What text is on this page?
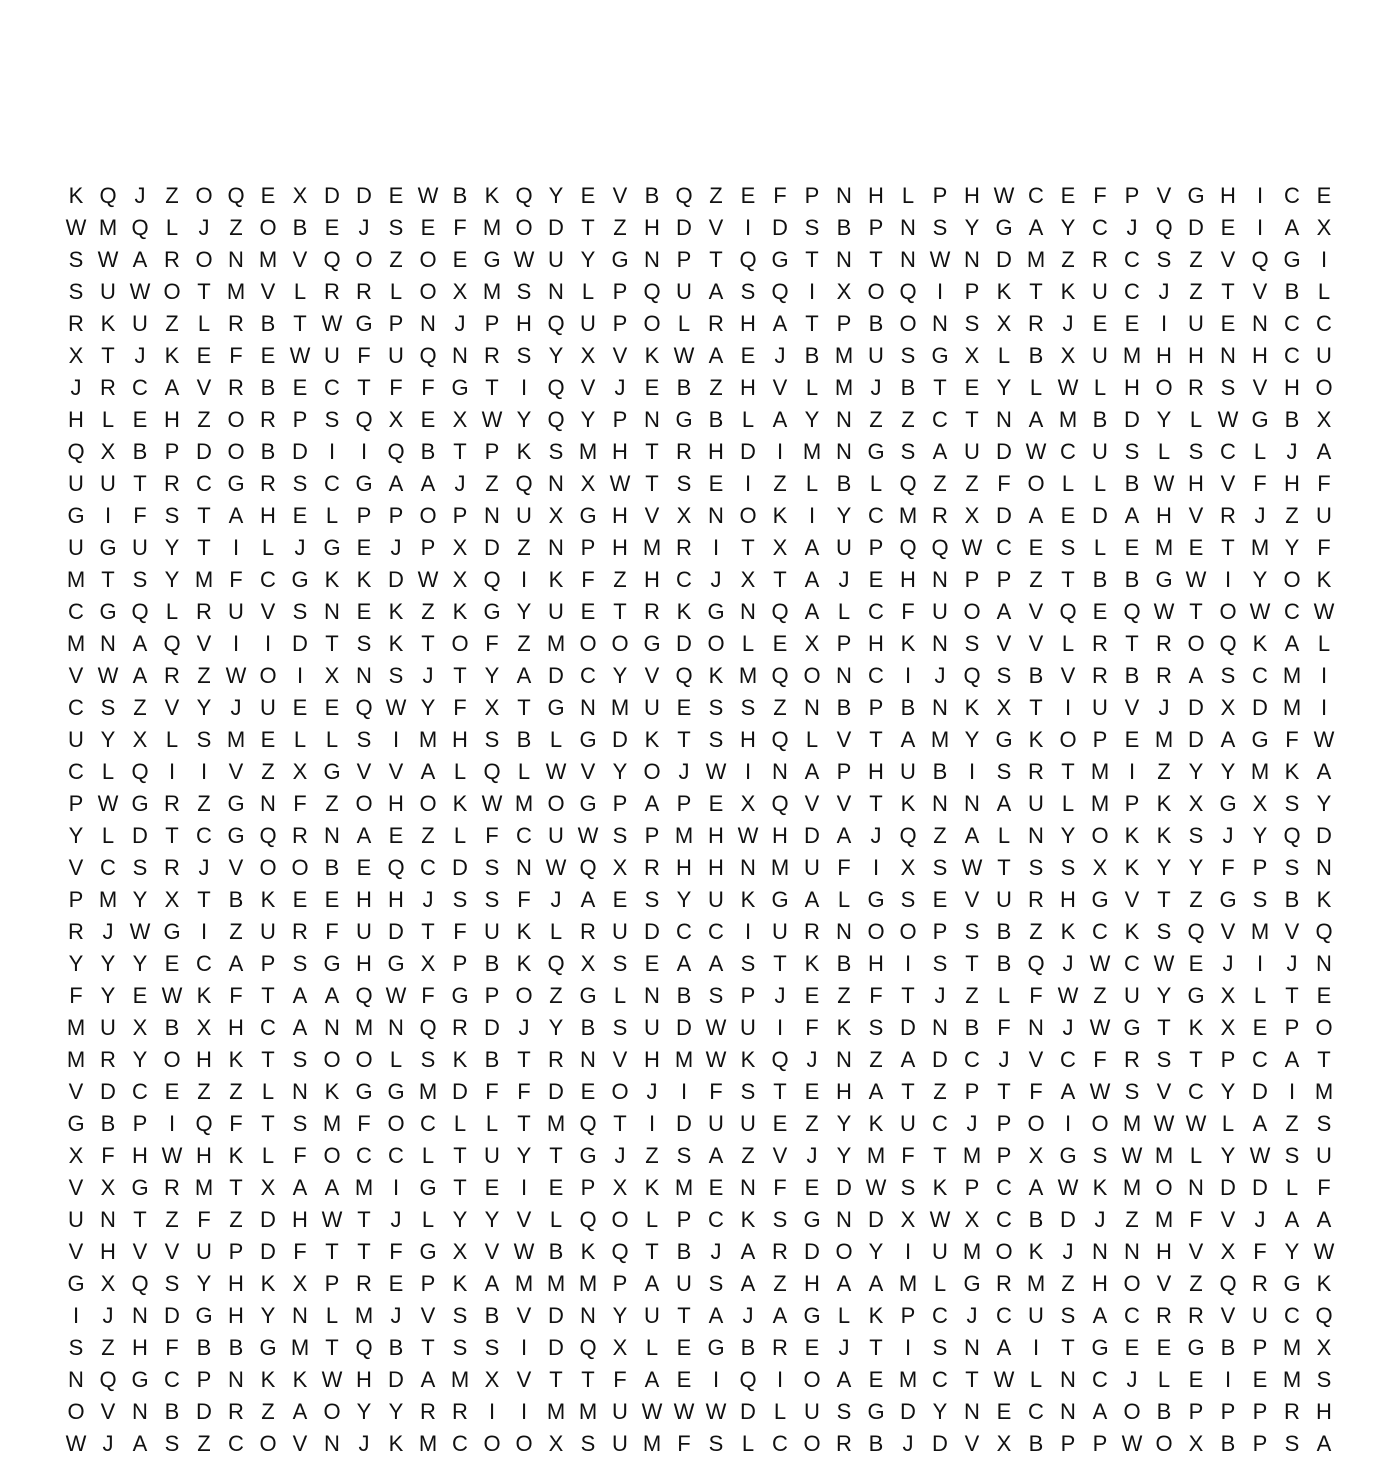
K Q J Z O Q E X D D E W B K Q Y E V B Q Z E F P N H L P H W C E F P V G H I C E
W M Q L J Z O B E J S E F M O D T Z H D V I D S B P N S Y G A Y C J Q D E I A X
S W A R O N M V Q O Z O E G W U Y G N P T Q G T N T N W N D M Z R C S Z V Q G I
S U W O T M V L R R L O X M S N L P Q U A S Q I X O Q I P K T K U C J Z T V B L
R K U Z L R B T W G P N J P H Q U P O L R H A T P B O N S X R J E E I U E N C C
X T J K E F E W U F U Q N R S Y X V K W A E J B M U S G X L B X U M H H N H C U
J R C A V R B E C T F F G T	I Q V J E B Z H V L M J B T E Y L W L H O R S V H O
H L E H Z O R P S Q X E X W Y Q Y P N G B L A Y N Z Z C T N A M B D Y L W G B X
Q X B P D O B D I	I Q B T P K S M H T R H D I M N G S A U D W C U S L S C L J A
U U T R C G R S C G A A J Z Q N X W T S E I	Z L B L Q Z Z F O L L B W H V F H F
G I	F S T A H E L P P O P N U X G H V X N O K I Y C M R X D A E D A H V R J Z U
U G U Y T	I	L J G E J P X D Z N P H M R I	T X A U P Q Q W C E S L E M E T M Y F
M T S Y M F C G K K D W X Q I K F Z H C J X T A J E H N P P Z T B B G W I Y O K
C G Q L R U V S N E K Z K G Y U E T R K G N Q A L C F U O A V Q E Q W T O W C W
M N A Q V I	I D T S K T O F Z M O O G D O L E X P H K N S V V L R T R O Q K A L
V W A R Z W O I X N S J T Y A D C Y V Q K M Q O N C I	J Q S B V R B R A S C M I
C S Z V Y J U E E Q W Y F X T G N M U E S S Z N B P B N K X T	I U V J D X D M I
U Y X L S M E L L S I M H S B L G D K T S H Q L V T A M Y G K O P E M D A G F W
C L Q I	I V Z X G V V A L Q L W V Y O J W I N A P H U B I S R T M I	Z Y Y M K A
P W G R Z G N F Z O H O K W M O G P A P E X Q V V T K N N A U L M P K X G X S Y
Y L D T C G Q R N A E Z L F C U W S P M H W H D A J Q Z A L N Y O K K S J Y Q D
V C S R J V O O B E Q C D S N W Q X R H H N M U F	I X S W T S S X K Y Y F P S N
P M Y X T B K E E H H J S S F J A E S Y U K G A L G S E V U R H G V T Z G S B K
R J W G I	Z U R F U D T F U K L R U D C C I U R N O O P S B Z K C K S Q V M V Q
Y Y Y E C A P S G H G X P B K Q X S E A A S T K B H I S T B Q J W C W E J	I	J N
F Y E W K F T A A Q W F G P O Z G L N B S P J E Z F T J Z L F W Z U Y G X L T E
M U X B X H C A N M N Q R D J Y B S U D W U I	F K S D N B F N J W G T K X E P O
M R Y O H K T S O O L S K B T R N V H M W K Q J N Z A D C J V C F R S T P C A T
V D C E Z Z L N K G G M D F F D E O J	I	F S T E H A T Z P T F A W S V C Y D I M
G B P I Q F T S M F O C L L T M Q T	I D U U E Z Y K U C J P O I O M W W L A Z S
X F H W H K L F O C C L T U Y T G J Z S A Z V J Y M F T M P X G S W M L Y W S U
V X G R M T X A A M I G T E I E P X K M E N F E D W S K P C A W K M O N D D L F
U N T Z F Z D H W T J L Y Y V L Q O L P C K S G N D X W X C B D J Z M F V J A A
V H V V U P D F T T F G X V W B K Q T B J A R D O Y I U M O K J N N H V X F Y W
G X Q S Y H K X P R E P K A M M M P A U S A Z H A A M L G R M Z H O V Z Q R G K
I	J N D G H Y N L M J V S B V D N Y U T A J A G L K P C J C U S A C R R V U C Q
S Z H F B B G M T Q B T S S I D Q X L E G B R E J T	I S N A I	T G E E G B P M X
N Q G C P N K K W H D A M X V T T F A E I Q I O A E M C T W L N C J L E I E M S
O V N B D R Z A O Y Y R R I	I M M U W W W D L U S G D Y N E C N A O B P P P R H
W J A S Z C O V N J K M C O O X S U M F S L C O R B J D V X B P P W O X B P S A
